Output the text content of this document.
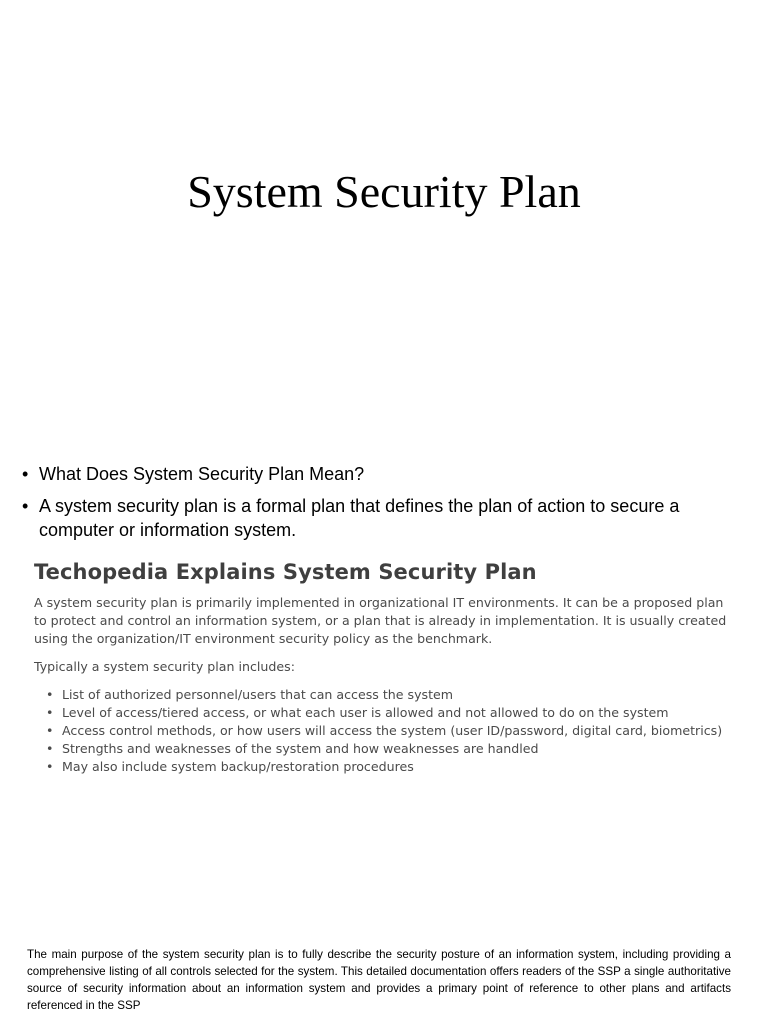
System Security Plan
• What Does System Security Plan Mean?
• A system security plan is a formal plan that defines the plan of action to secure a computer or information system.
Techopedia Explains System Security Plan

A system security plan is primarily implemented in organizational IT environments. It can be a proposed plan to protect and control an information system, or a plan that is already in implementation. It is usually created using the organization/IT environment security policy as the benchmark.

Typically a system security plan includes:

• List of authorized personnel/users that can access the system
• Level of access/tiered access, or what each user is allowed and not allowed to do on the system
• Access control methods, or how users will access the system (user ID/password, digital card, biometrics)
• Strengths and weaknesses of the system and how weaknesses are handled
• May also include system backup/restoration procedures

The main purpose of the system security plan is to fully describe the security posture of an information system, including providing a comprehensive listing of all controls selected for the system. This detailed documentation offers readers of the SSP a single authoritative source of security information about an information system and provides a primary point of reference to other plans and artifacts referenced in the SSP
